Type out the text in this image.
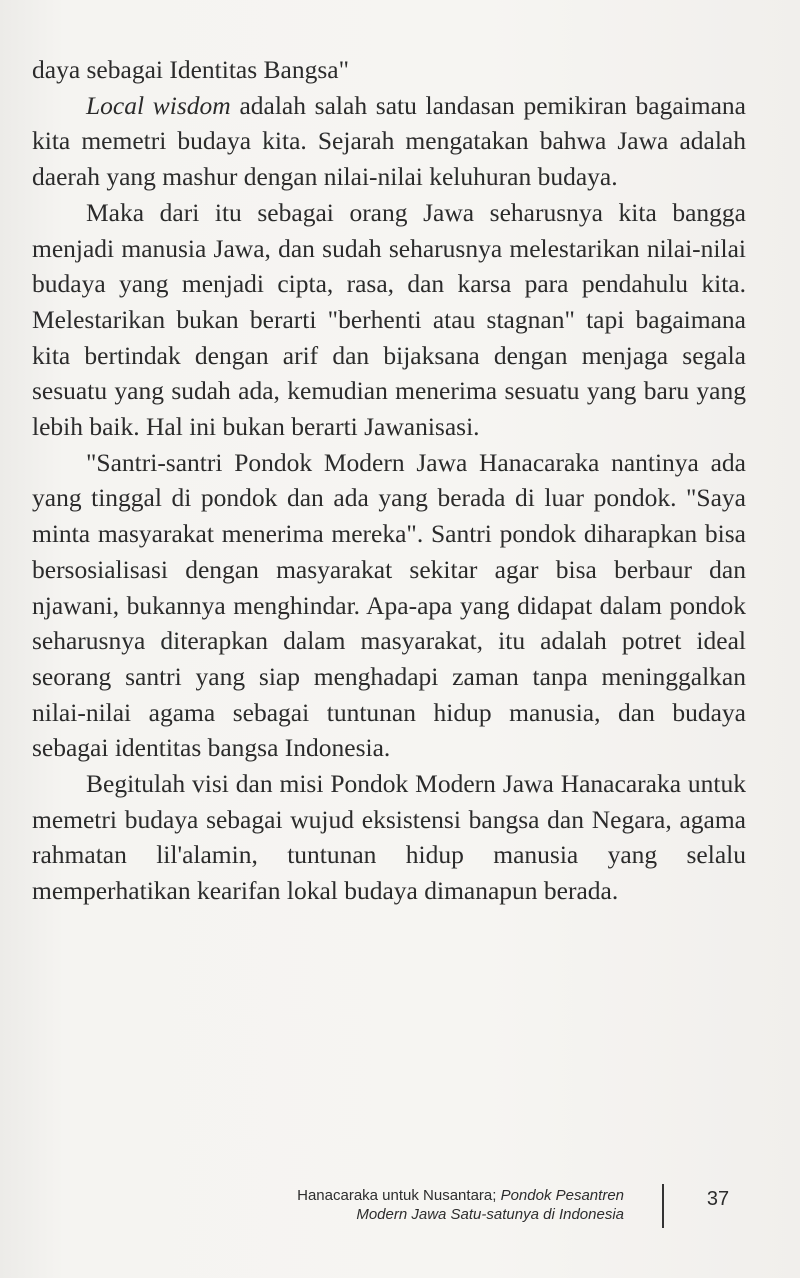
daya sebagai Identitas Bangsa"

Local wisdom adalah salah satu landasan pemikiran bagaimana kita memetri budaya kita. Sejarah mengatakan bahwa Jawa adalah daerah yang mashur dengan nilai-nilai keluhuran budaya.

Maka dari itu sebagai orang Jawa seharusnya kita bangga menjadi manusia Jawa, dan sudah seharusnya melestarikan nilai-nilai budaya yang menjadi cipta, rasa, dan karsa para pendahulu kita. Melestarikan bukan berarti "berhenti atau stagnan" tapi bagaimana kita bertindak dengan arif dan bijaksana dengan menjaga segala sesuatu yang sudah ada, kemudian menerima sesuatu yang baru yang lebih baik. Hal ini bukan berarti Jawanisasi.

"Santri-santri Pondok Modern Jawa Hanacaraka nantinya ada yang tinggal di pondok dan ada yang berada di luar pondok. "Saya minta masyarakat menerima mereka". Santri pondok diharapkan bisa bersosialisasi dengan masyarakat sekitar agar bisa berbaur dan njawani, bukannya menghindar. Apa-apa yang didapat dalam pondok seharusnya diterapkan dalam masyarakat, itu adalah potret ideal seorang santri yang siap menghadapi zaman tanpa meninggalkan nilai-nilai agama sebagai tuntunan hidup manusia, dan budaya sebagai identitas bangsa Indonesia.

Begitulah visi dan misi Pondok Modern Jawa Hanacaraka untuk memetri budaya sebagai wujud eksistensi bangsa dan Negara, agama rahmatan lil'alamin, tuntunan hidup manusia yang selalu memperhatikan kearifan lokal budaya dimanapun berada.

Hanacaraka untuk Nusantara; Pondok Pesantren
Modern Jawa Satu-satunya di Indonesia
37
